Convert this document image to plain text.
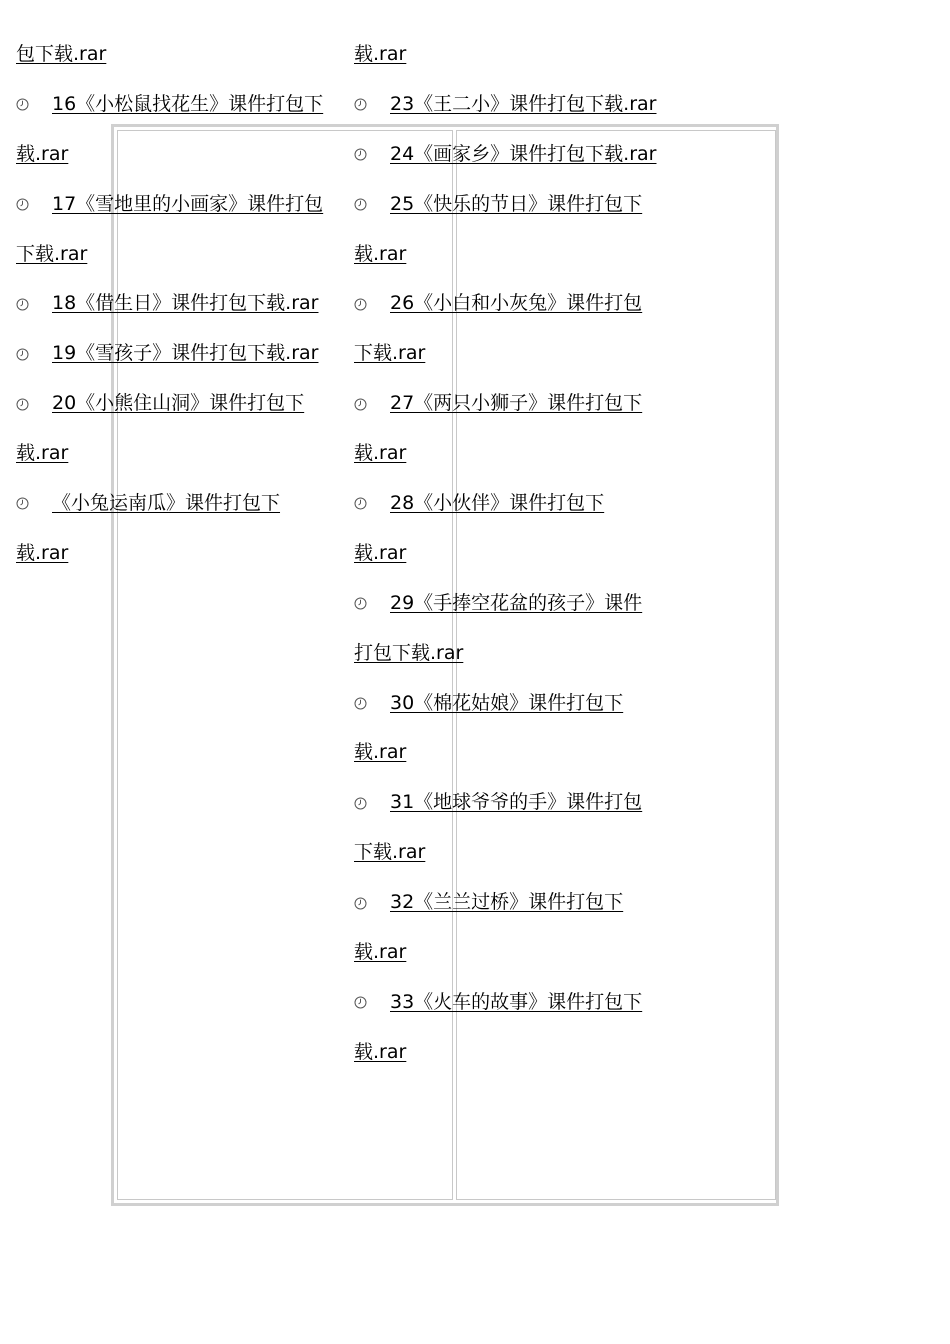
包下载.rar
16《小松鼠找花生》课件打包下
载.rar
17《雪地里的小画家》课件打包
下载.rar
18《借生日》课件打包下载.rar
19《雪孩子》课件打包下载.rar
20《小熊住山洞》课件打包下
载.rar
《小兔运南瓜》课件打包下
载.rar
载.rar
23《王二小》课件打包下载.rar
24《画家乡》课件打包下载.rar
25《快乐的节日》课件打包下
载.rar
26《小白和小灰兔》课件打包
下载.rar
27《两只小狮子》课件打包下
载.rar
28《小伙伴》课件打包下
载.rar
29《手捧空花盆的孩子》课件
打包下载.rar
30《棉花姑娘》课件打包下
载.rar
31《地球爷爷的手》课件打包
下载.rar
32《兰兰过桥》课件打包下
载.rar
33《火车的故事》课件打包下
载.rar
